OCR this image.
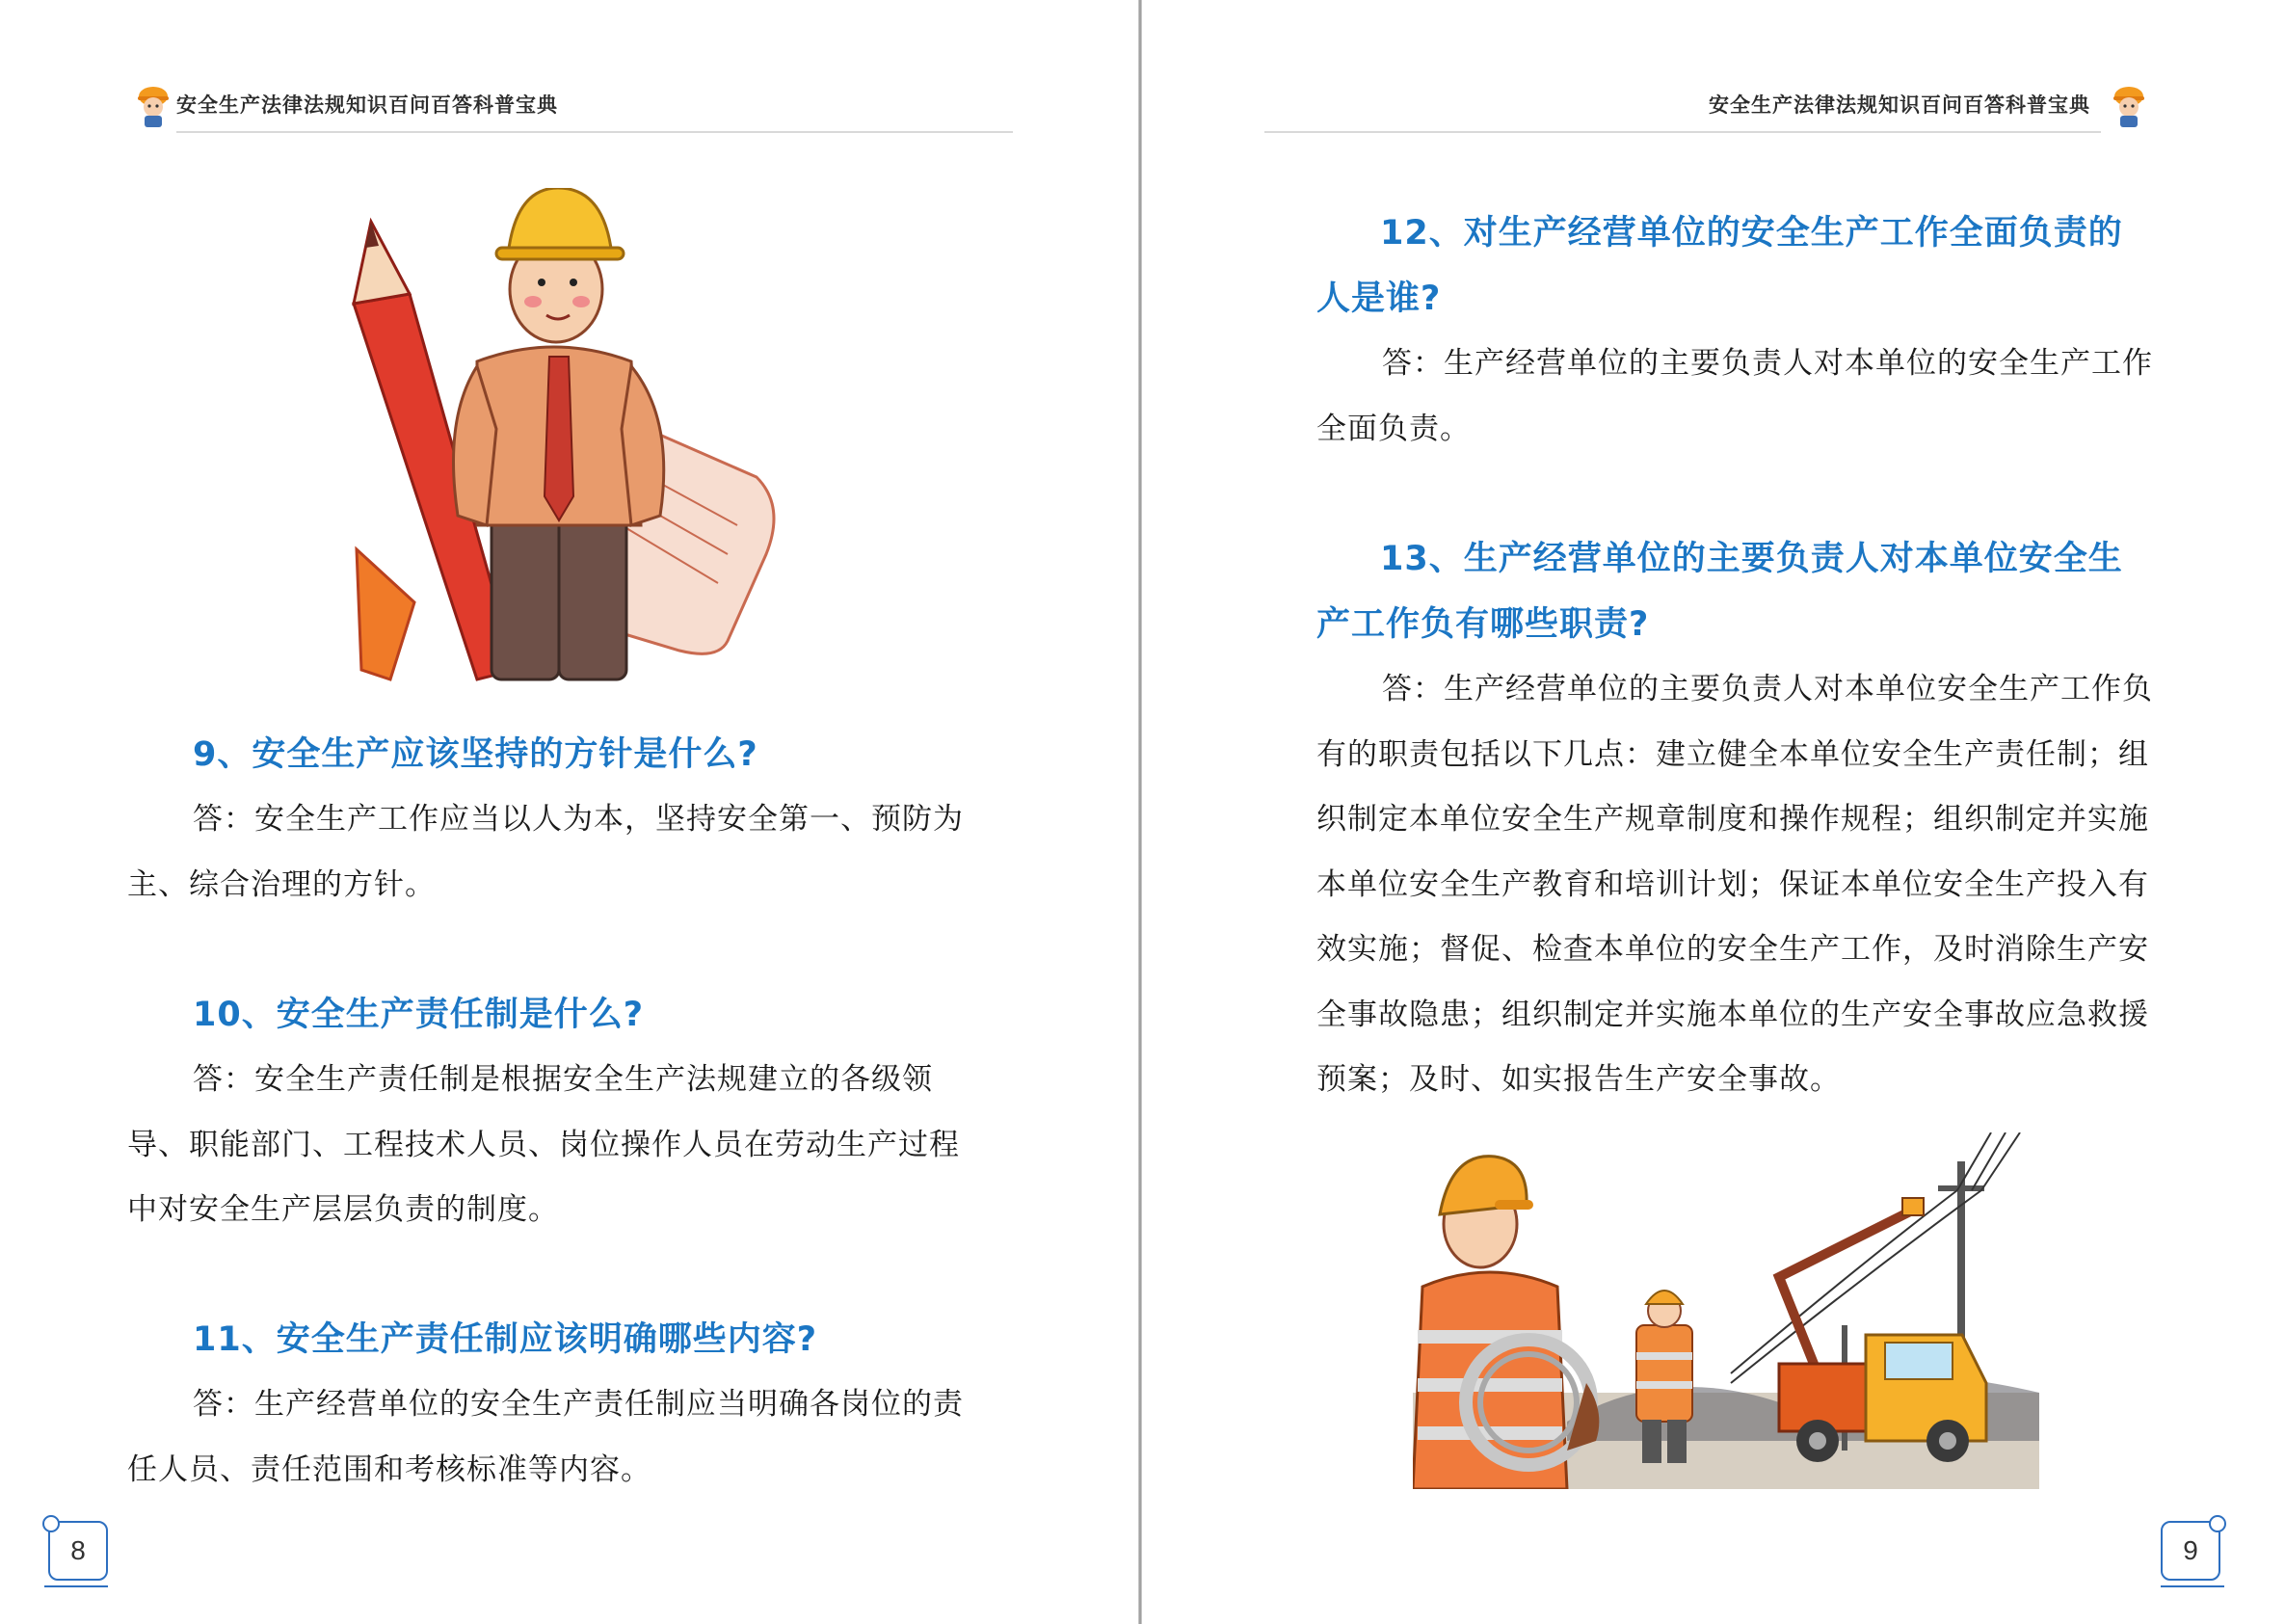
安全生产法律法规知识百问百答科普宝典
9、安全生产应该坚持的方针是什么?
答：安全生产工作应当以人为本，坚持安全第一、预防为主、综合治理的方针。
10、安全生产责任制是什么?
答：安全生产责任制是根据安全生产法规建立的各级领导、职能部门、工程技术人员、岗位操作人员在劳动生产过程中对安全生产层层负责的制度。
11、安全生产责任制应该明确哪些内容?
答：生产经营单位的安全生产责任制应当明确各岗位的责任人员、责任范围和考核标准等内容。
8
安全生产法律法规知识百问百答科普宝典
12、对生产经营单位的安全生产工作全面负责的人是谁?
答：生产经营单位的主要负责人对本单位的安全生产工作全面负责。
13、生产经营单位的主要负责人对本单位安全生产工作负有哪些职责?
答：生产经营单位的主要负责人对本单位安全生产工作负有的职责包括以下几点：建立健全本单位安全生产责任制；组织制定本单位安全生产规章制度和操作规程；组织制定并实施本单位安全生产教育和培训计划；保证本单位安全生产投入有效实施；督促、检查本单位的安全生产工作，及时消除生产安全事故隐患；组织制定并实施本单位的生产安全事故应急救援预案；及时、如实报告生产安全事故。
9
